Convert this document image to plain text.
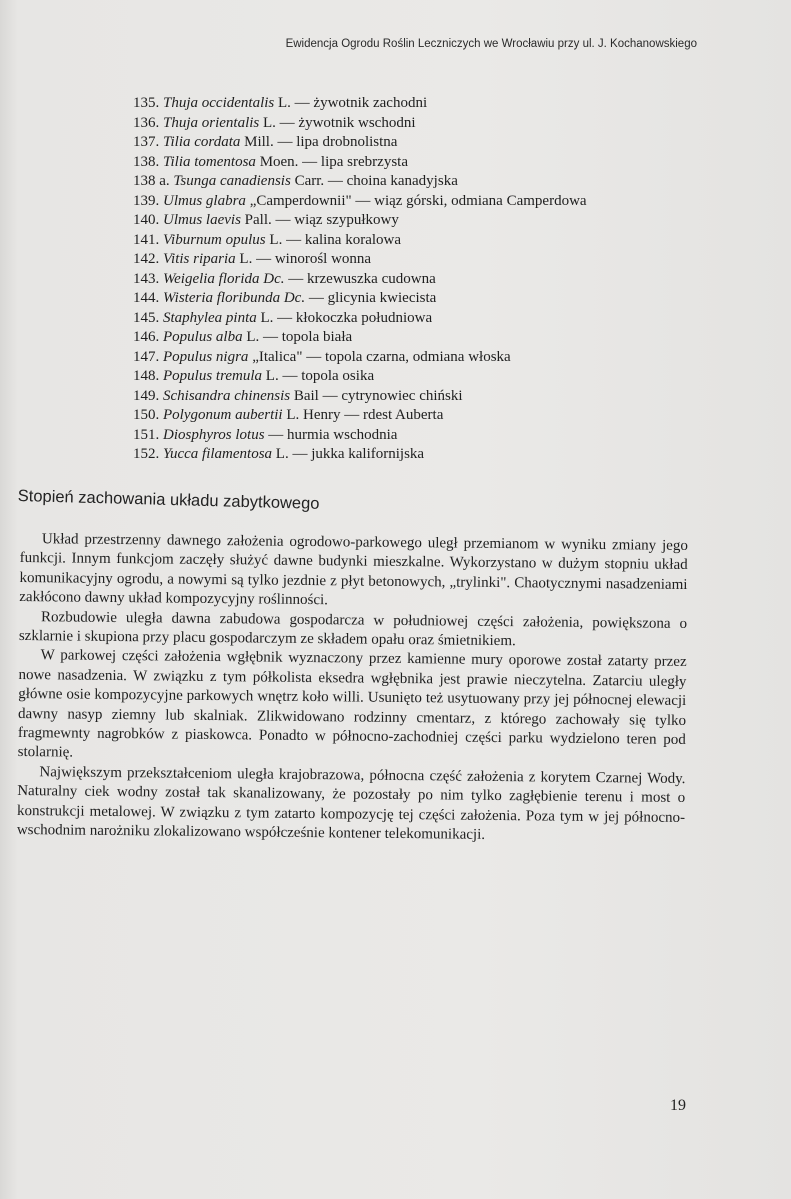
Ewidencja Ogrodu Roślin Leczniczych we Wrocławiu przy ul. J. Kochanowskiego
135. Thuja occidentalis L. — żywotnik zachodni
136. Thuja orientalis L. — żywotnik wschodni
137. Tilia cordata Mill. — lipa drobnolistna
138. Tilia tomentosa Moen. — lipa srebrzysta
138 a. Tsunga canadiensis Carr. — choina kanadyjska
139. Ulmus glabra „Camperdownii" — wiąz górski, odmiana Camperdowa
140. Ulmus laevis Pall. — wiąz szypułkowy
141. Viburnum opulus L. — kalina koralowa
142. Vitis riparia L. — winorośl wonna
143. Weigelia florida Dc. — krzewuszka cudowna
144. Wisteria floribunda Dc. — glicynia kwiecista
145. Staphylea pinta L. — kłokoczka południowa
146. Populus alba L. — topola biała
147. Populus nigra „Italica" — topola czarna, odmiana włoska
148. Populus tremula L. — topola osika
149. Schisandra chinensis Bail — cytrynowiec chiński
150. Polygonum aubertii L. Henry — rdest Auberta
151. Diosphyros lotus — hurmia wschodnia
152. Yucca filamentosa L. — jukka kalifornijska
Stopień zachowania układu zabytkowego

Układ przestrzenny dawnego założenia ogrodowo-parkowego uległ przemianom w wyniku zmiany jego funkcji. Innym funkcjom zaczęły służyć dawne budynki mieszkalne. Wykorzystano w dużym stopniu układ komunikacyjny ogrodu, a nowymi są tylko jezdnie z płyt betonowych, „trylinki". Chaotycznymi nasadzeniami zakłócono dawny układ kompozycyjny roślinności.

Rozbudowie uległa dawna zabudowa gospodarcza w południowej części założenia, powiększona o szklarnie i skupiona przy placu gospodarczym ze składem opału oraz śmietnikiem.

W parkowej części założenia wgłębnik wyznaczony przez kamienne mury oporowe został zatarty przez nowe nasadzenia. W związku z tym półkolista eksedra wgłębnika jest prawie nieczytelna. Zatarciu uległy główne osie kompozycyjne parkowych wnętrz koło willi. Usunięto też usytuowany przy jej północnej elewacji dawny nasyp ziemny lub skalniak. Zlikwidowano rodzinny cmentarz, z którego zachowały się tylko fragmewnty nagrobków z piaskowca. Ponadto w północno-zachodniej części parku wydzielono teren pod stolarnię.

Największym przekształceniom uległa krajobrazowa, północna część założenia z korytem Czarnej Wody. Naturalny ciek wodny został tak skanalizowany, że pozostały po nim tylko zagłębienie terenu i most o konstrukcji metalowej. W związku z tym zatarto kompozycję tej części założenia. Poza tym w jej północno-wschodnim narożniku zlokalizowano współcześnie kontener telekomunikacji.

19
